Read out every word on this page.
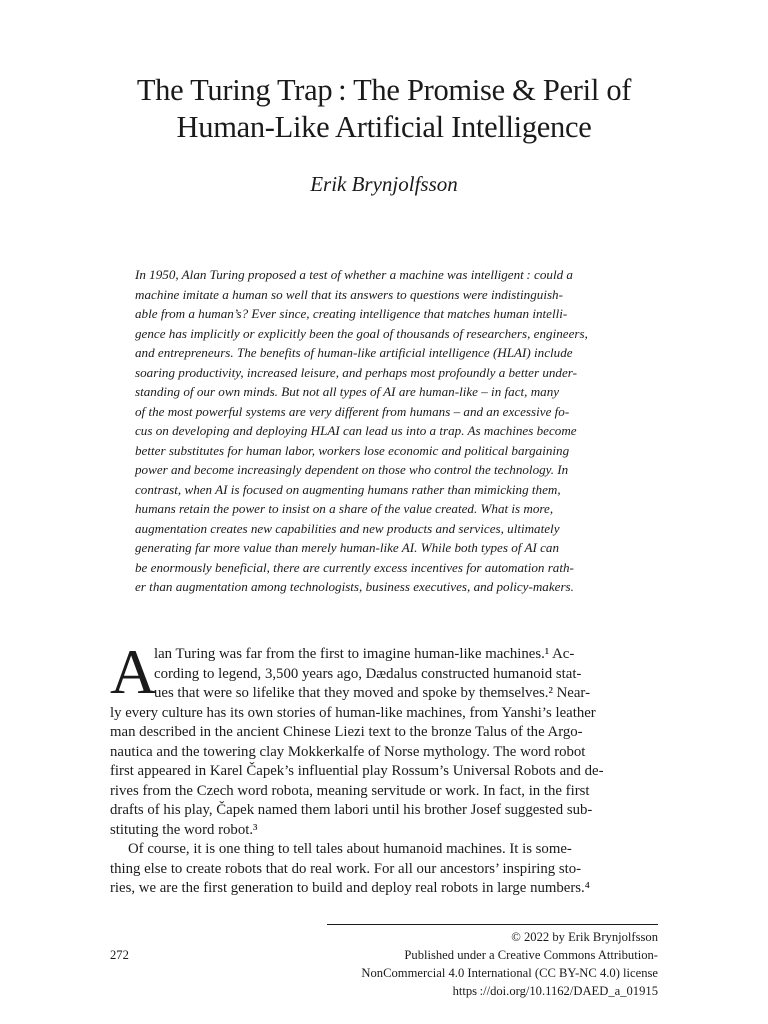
The Turing Trap : The Promise & Peril of
Human-Like Artificial Intelligence
Erik Brynjolfsson
In 1950, Alan Turing proposed a test of whether a machine was intelligent : could a
machine imitate a human so well that its answers to questions were indistinguish-
able from a human’s? Ever since, creating intelligence that matches human intelli-
gence has implicitly or explicitly been the goal of thousands of researchers, engineers,
and entrepreneurs. The benefits of human-like artificial intelligence (HLAI) include
soaring productivity, increased leisure, and perhaps most profoundly a better under-
standing of our own minds. But not all types of AI are human-like – in fact, many
of the most powerful systems are very different from humans – and an excessive fo-
cus on developing and deploying HLAI can lead us into a trap. As machines become
better substitutes for human labor, workers lose economic and political bargaining
power and become increasingly dependent on those who control the technology. In
contrast, when AI is focused on augmenting humans rather than mimicking them,
humans retain the power to insist on a share of the value created. What is more,
augmentation creates new capabilities and new products and services, ultimately
generating far more value than merely human-like AI. While both types of AI can
be enormously beneficial, there are currently excess incentives for automation rath-
er than augmentation among technologists, business executives, and policy-makers.
A
lan Turing was far from the first to imagine human-like machines.¹ Ac-
cording to legend, 3,500 years ago, Dædalus constructed humanoid stat-
ues that were so lifelike that they moved and spoke by themselves.² Near-
ly every culture has its own stories of human-like machines, from Yanshi’s leather
man described in the ancient Chinese Liezi text to the bronze Talus of the Argo-
nautica and the towering clay Mokkerkalfe of Norse mythology. The word robot
first appeared in Karel Čapek’s influential play Rossum’s Universal Robots and de-
rives from the Czech word robota, meaning servitude or work. In fact, in the first
drafts of his play, Čapek named them labori until his brother Josef suggested sub-
stituting the word robot.³
Of course, it is one thing to tell tales about humanoid machines. It is some-
thing else to create robots that do real work. For all our ancestors’ inspiring sto-
ries, we are the first generation to build and deploy real robots in large numbers.⁴
272
© 2022 by Erik Brynjolfsson
Published under a Creative Commons Attribution-
NonCommercial 4.0 International (CC BY-NC 4.0) license
https ://doi.org/10.1162/DAED_a_01915
